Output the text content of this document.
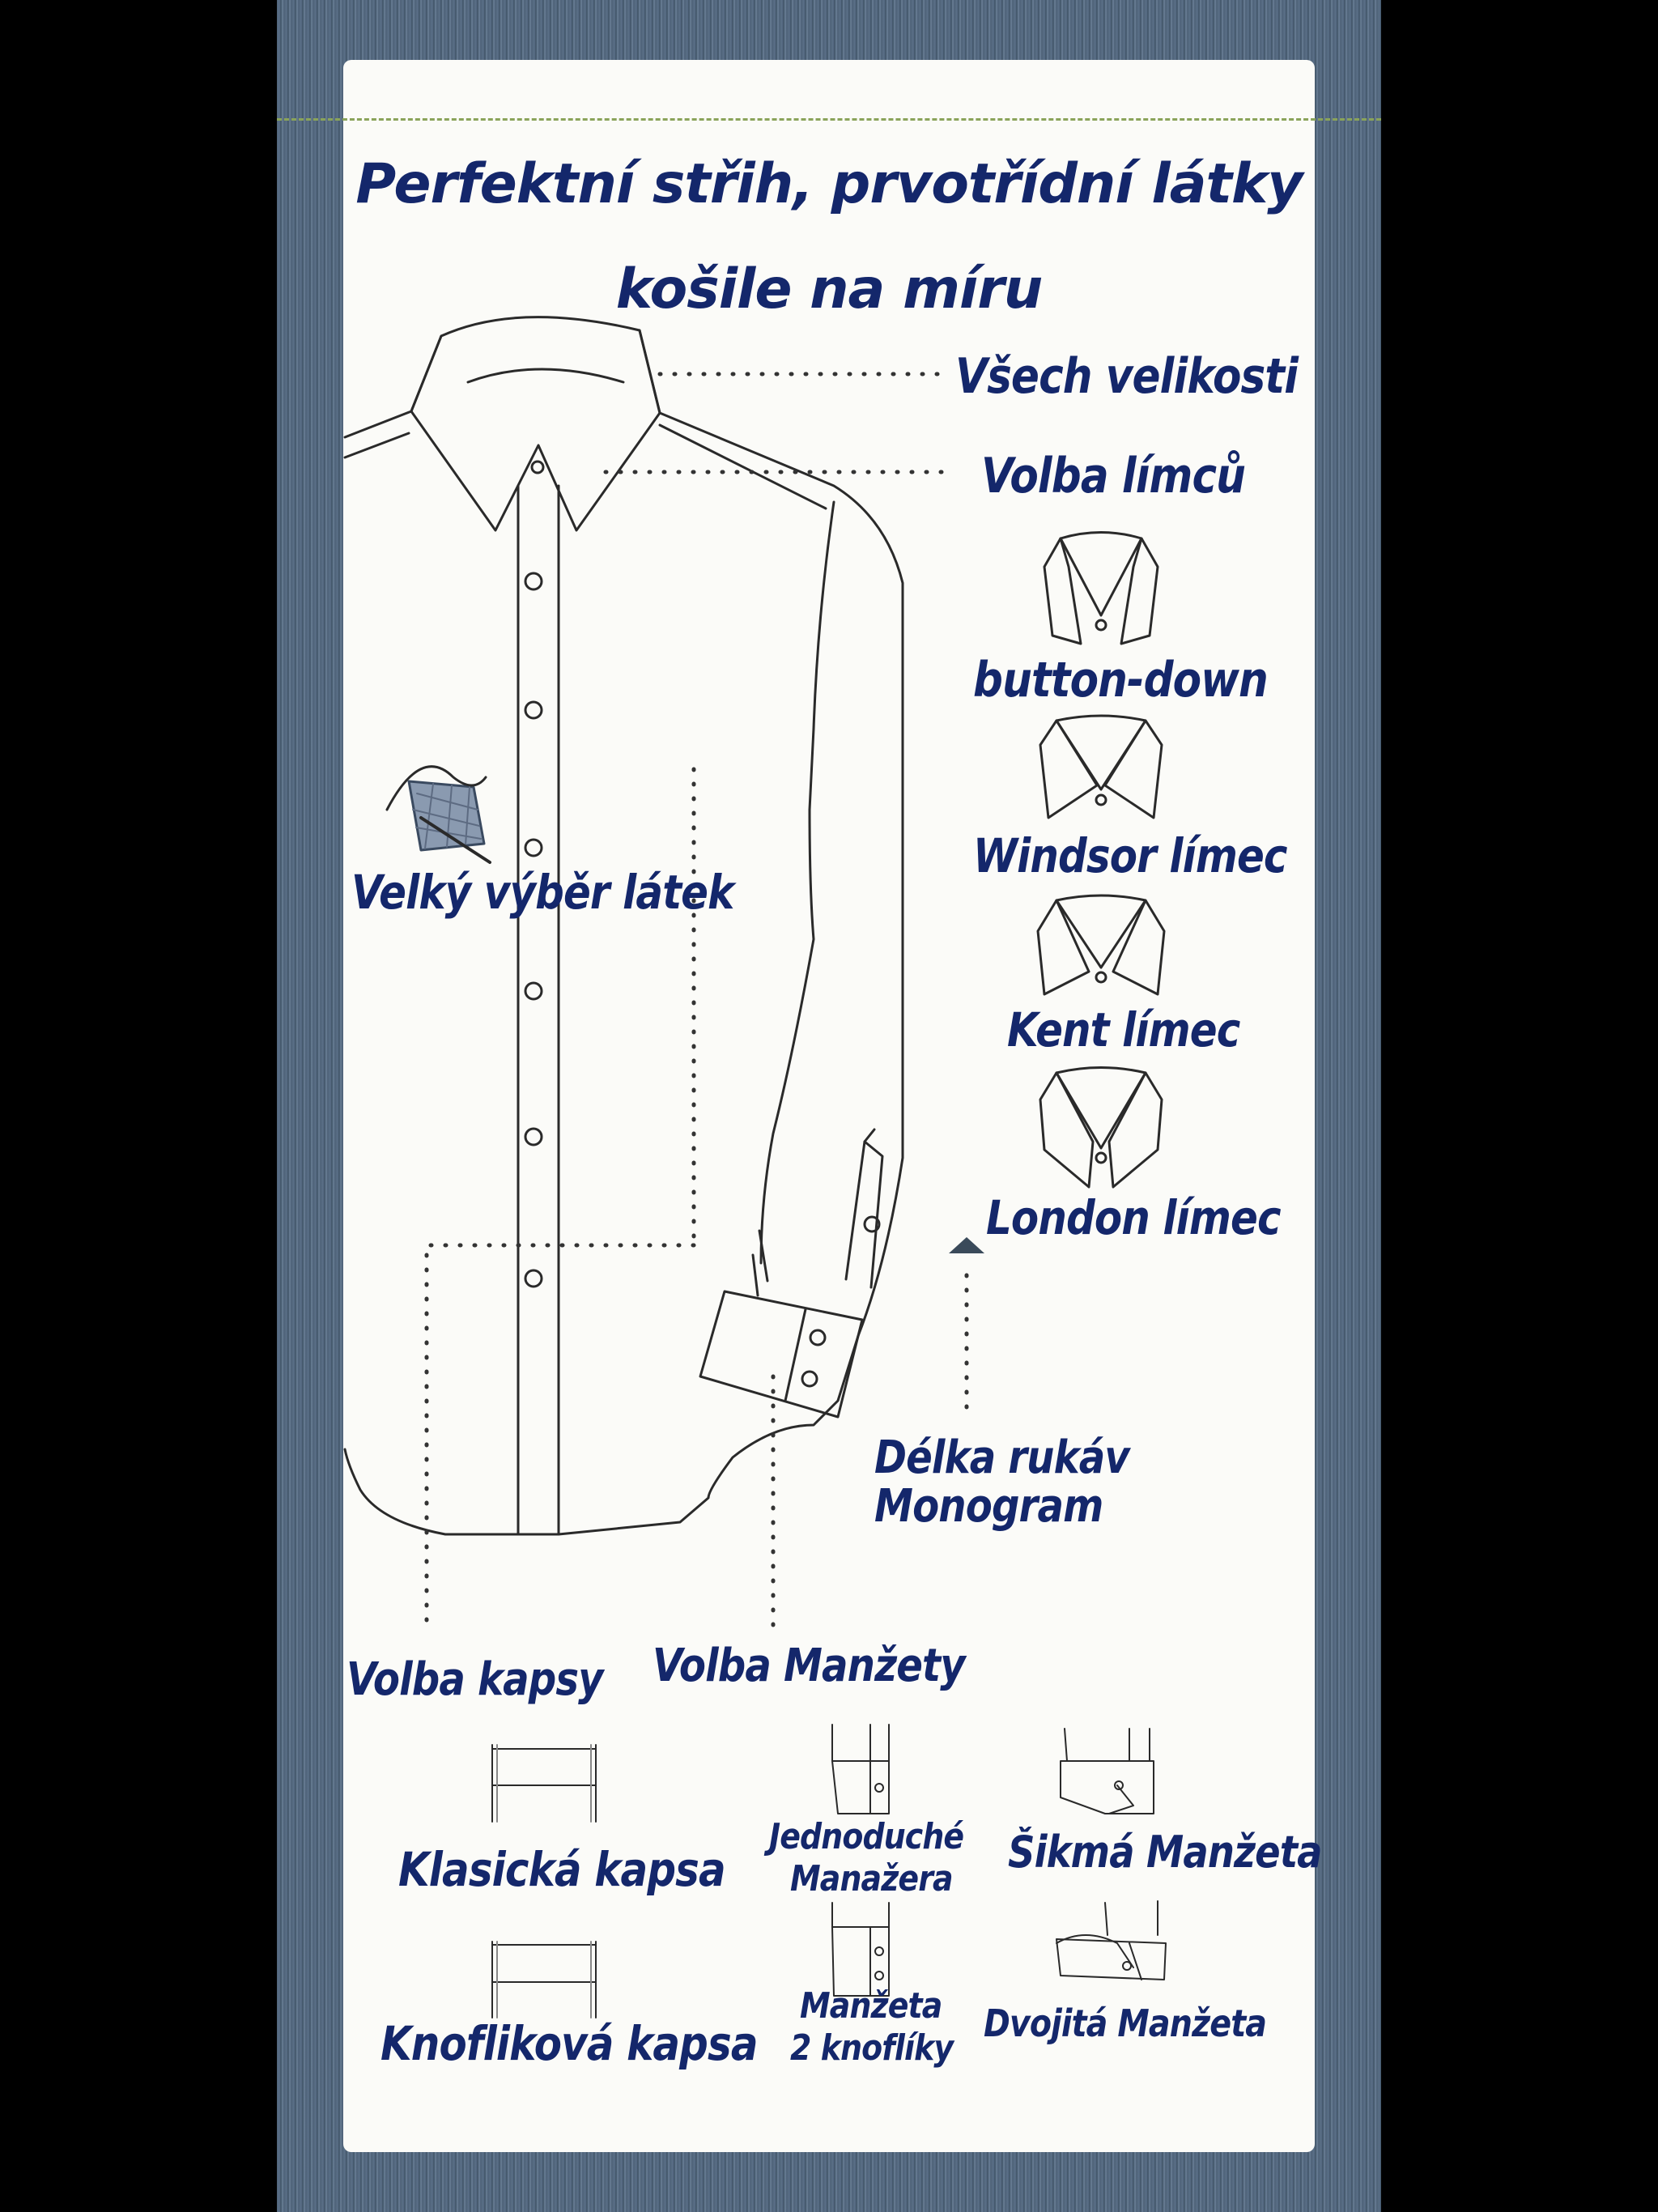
Perfektní střih, prvotřídní látky
košile na míru
Všech velikosti
Volba límců
button-down
Windsor límec
Kent límec
London límec
Velký výběr látek
Délka rukáv
Monogram
Volba kapsy Volba Manžety
Klasická kapsa
Knofliková kapsa
Jednoduché
Manažera
Šikmá Manžeta
Manžeta
2 knoflíky
Dvojitá Manžeta
